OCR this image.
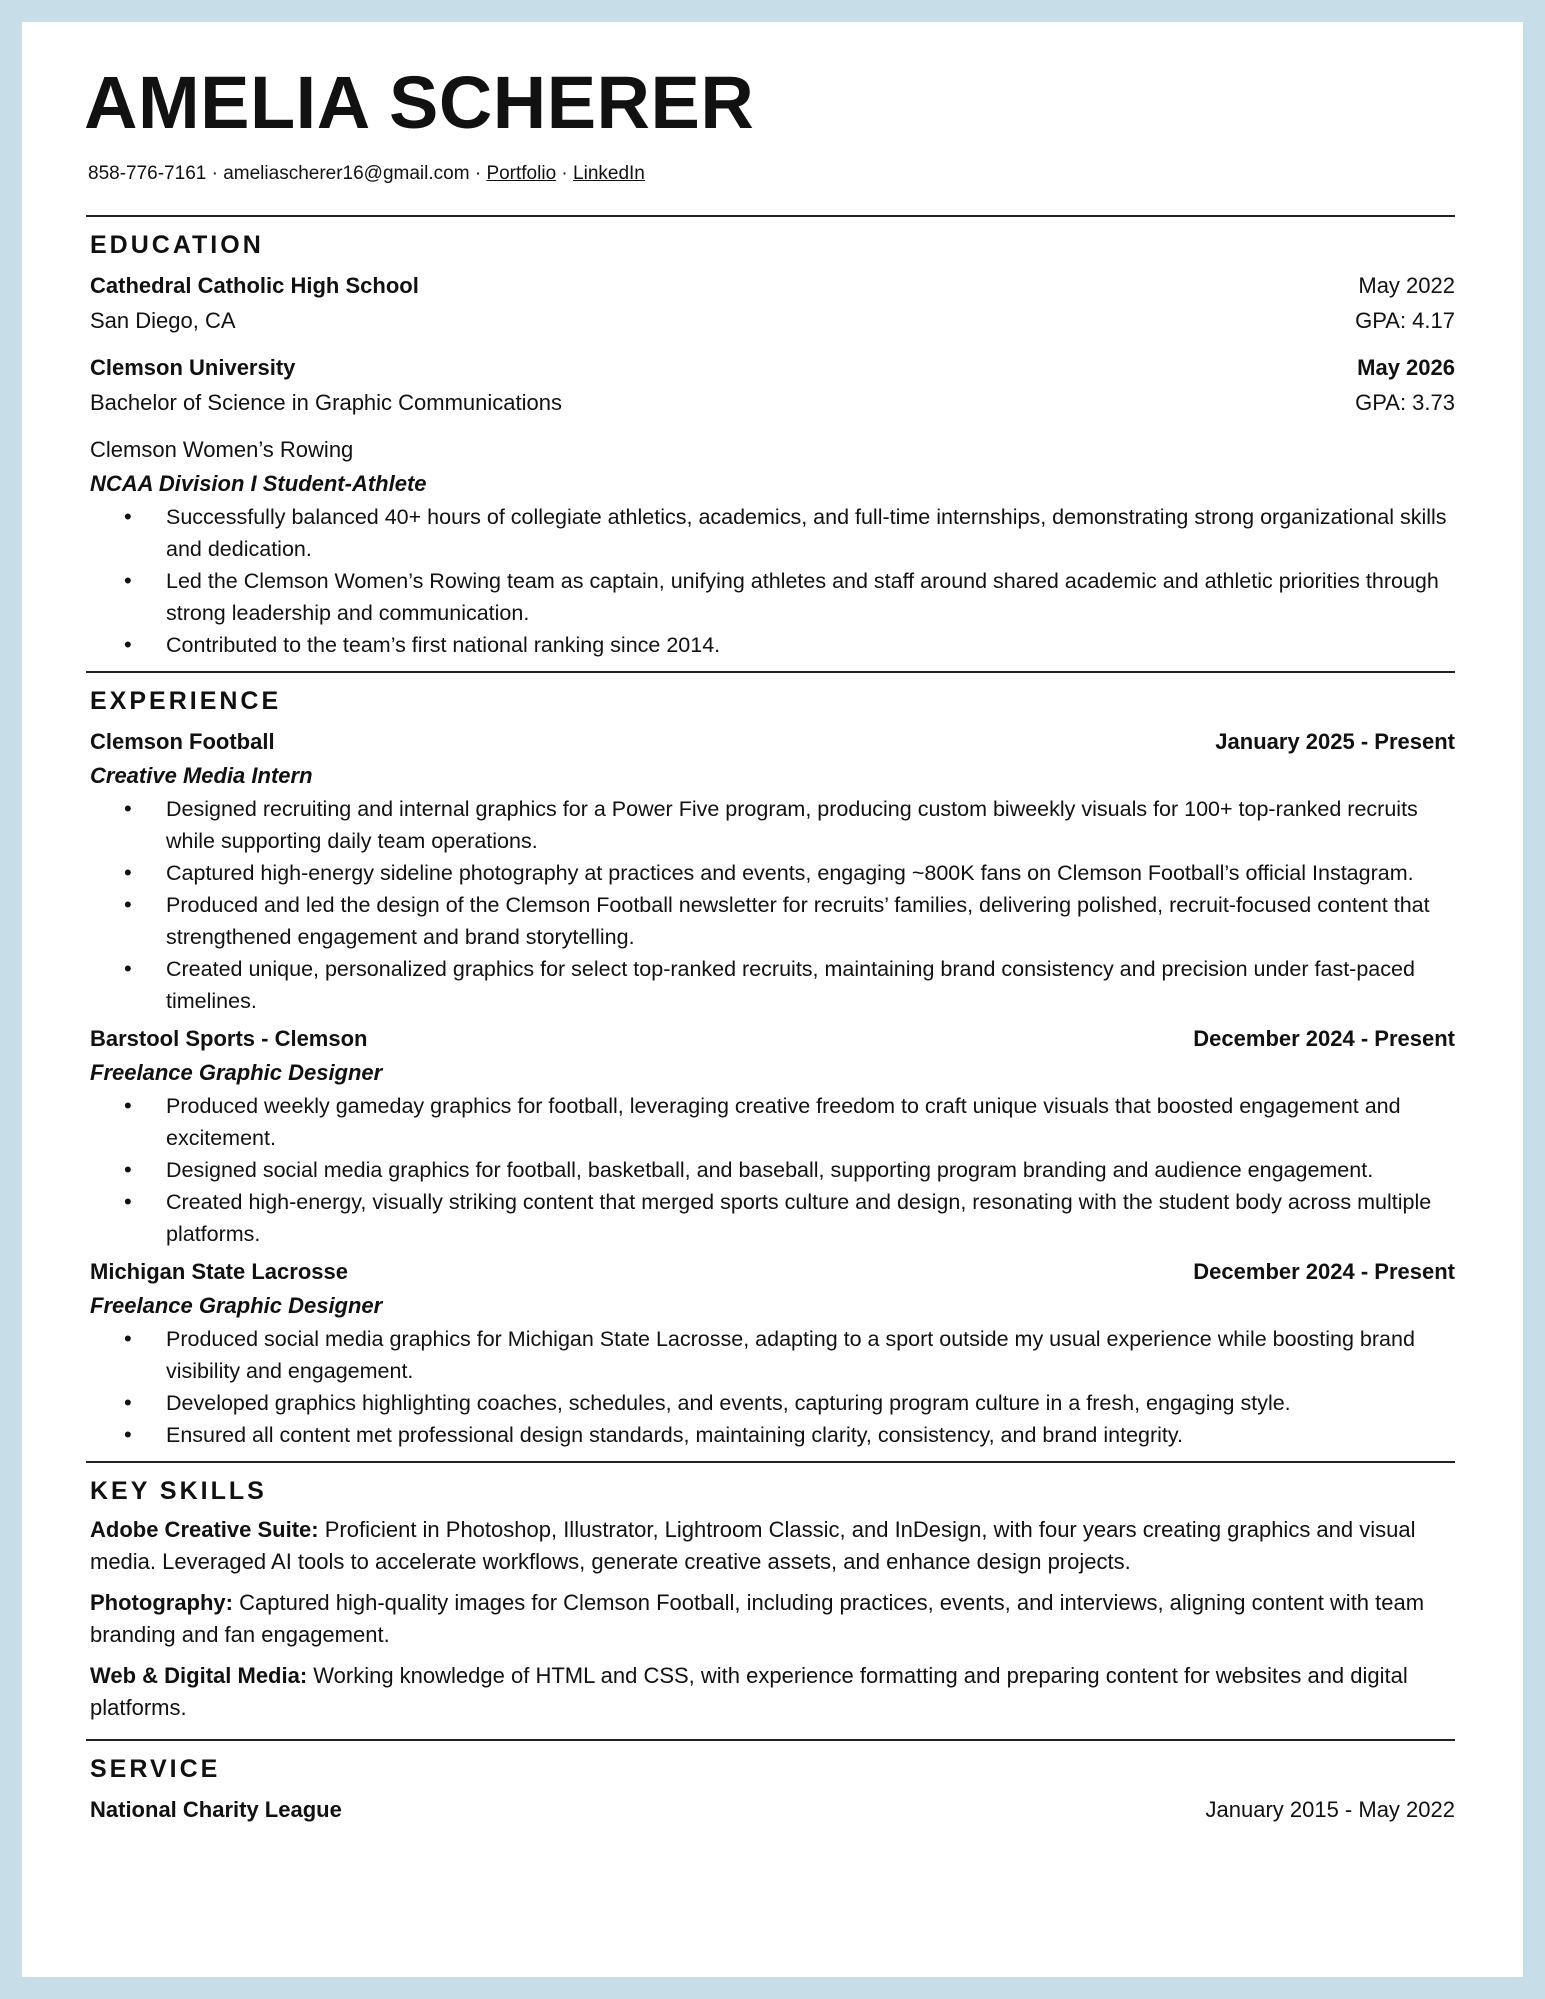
AMELIA SCHERER
858-776-7161 · ameliascherer16@gmail.com · Portfolio · LinkedIn
EDUCATION
Cathedral Catholic High School	May 2022
San Diego, CA	GPA: 4.17
Clemson University	May 2026
Bachelor of Science in Graphic Communications	GPA: 3.73
Clemson Women’s Rowing
NCAA Division I Student-Athlete
• Successfully balanced 40+ hours of collegiate athletics, academics, and full-time internships, demonstrating strong organizational skills and dedication.
• Led the Clemson Women’s Rowing team as captain, unifying athletes and staff around shared academic and athletic priorities through strong leadership and communication.
• Contributed to the team’s first national ranking since 2014.
EXPERIENCE
Clemson Football	January 2025 - Present
Creative Media Intern
• Designed recruiting and internal graphics for a Power Five program, producing custom biweekly visuals for 100+ top-ranked recruits while supporting daily team operations.
• Captured high-energy sideline photography at practices and events, engaging ~800K fans on Clemson Football’s official Instagram.
• Produced and led the design of the Clemson Football newsletter for recruits’ families, delivering polished, recruit-focused content that strengthened engagement and brand storytelling.
• Created unique, personalized graphics for select top-ranked recruits, maintaining brand consistency and precision under fast-paced timelines.
Barstool Sports - Clemson	December 2024 - Present
Freelance Graphic Designer
• Produced weekly gameday graphics for football, leveraging creative freedom to craft unique visuals that boosted engagement and excitement.
• Designed social media graphics for football, basketball, and baseball, supporting program branding and audience engagement.
• Created high-energy, visually striking content that merged sports culture and design, resonating with the student body across multiple platforms.
Michigan State Lacrosse	December 2024 - Present
Freelance Graphic Designer
• Produced social media graphics for Michigan State Lacrosse, adapting to a sport outside my usual experience while boosting brand visibility and engagement.
• Developed graphics highlighting coaches, schedules, and events, capturing program culture in a fresh, engaging style.
• Ensured all content met professional design standards, maintaining clarity, consistency, and brand integrity.
KEY SKILLS
Adobe Creative Suite: Proficient in Photoshop, Illustrator, Lightroom Classic, and InDesign, with four years creating graphics and visual media. Leveraged AI tools to accelerate workflows, generate creative assets, and enhance design projects.
Photography: Captured high-quality images for Clemson Football, including practices, events, and interviews, aligning content with team branding and fan engagement.
Web & Digital Media: Working knowledge of HTML and CSS, with experience formatting and preparing content for websites and digital platforms.
SERVICE
National Charity League	January 2015 - May 2022
